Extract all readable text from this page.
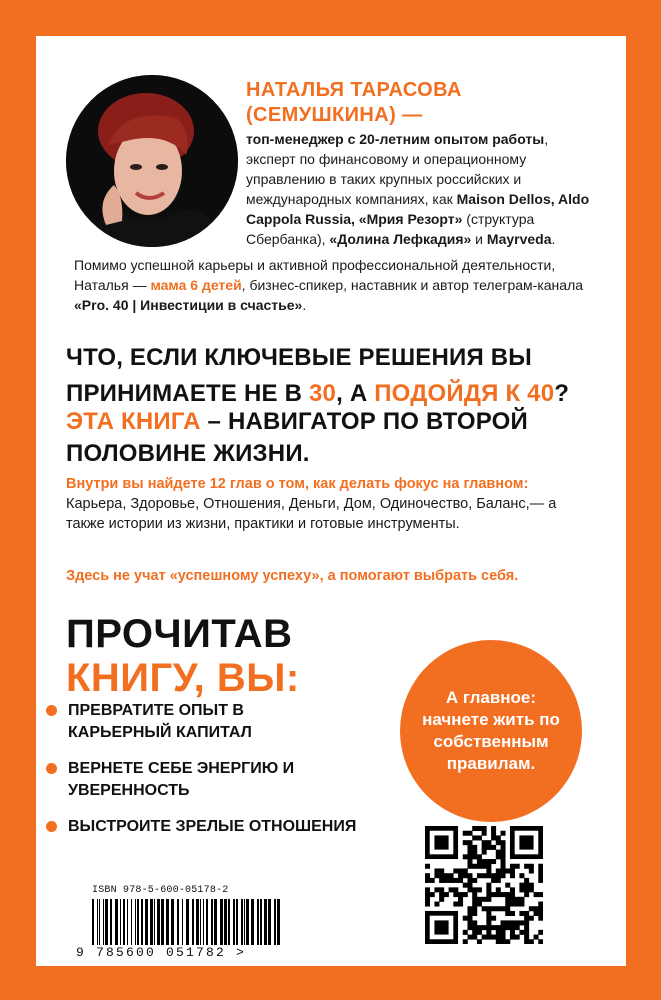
НАТАЛЬЯ ТАРАСОВА
(СЕМУШКИНА) —
топ-менеджер с 20-летним опытом работы, эксперт по финансовому и операционному управлению в таких крупных российских и международных компаниях, как Maison Dellos, Aldo Cappola Russia, «Мрия Резорт» (структура Сбербанка), «Долина Лефкадия» и Mayrveda.
Помимо успешной карьеры и активной профессиональной деятельности, Наталья — мама 6 детей, бизнес-спикер, наставник и автор телеграм-канала «Pro. 40 | Инвестиции в счастье».
ЧТО, ЕСЛИ КЛЮЧЕВЫЕ РЕШЕНИЯ ВЫ ПРИНИМАЕТЕ НЕ В 30, А ПОДОЙДЯ К 40?
ЭТА КНИГА – НАВИГАТОР ПО ВТОРОЙ ПОЛОВИНЕ ЖИЗНИ.
Внутри вы найдете 12 глав о том, как делать фокус на главном:
Карьера, Здоровье, Отношения, Деньги, Дом, Одиночество, Баланс,— а также истории из жизни, практики и готовые инструменты.
Здесь не учат «успешному успеху», а помогают выбрать себя.
ПРОЧИТАВ
КНИГУ, ВЫ:
ПРЕВРАТИТЕ ОПЫТ В КАРЬЕРНЫЙ КАПИТАЛ
ВЕРНЕТЕ СЕБЕ ЭНЕРГИЮ И УВЕРЕННОСТЬ
ВЫСТРОИТЕ ЗРЕЛЫЕ ОТНОШЕНИЯ
А главное: начнете жить по собственным правилам.
ISBN 978-5-600-05178-2
9 785600 051782 >
